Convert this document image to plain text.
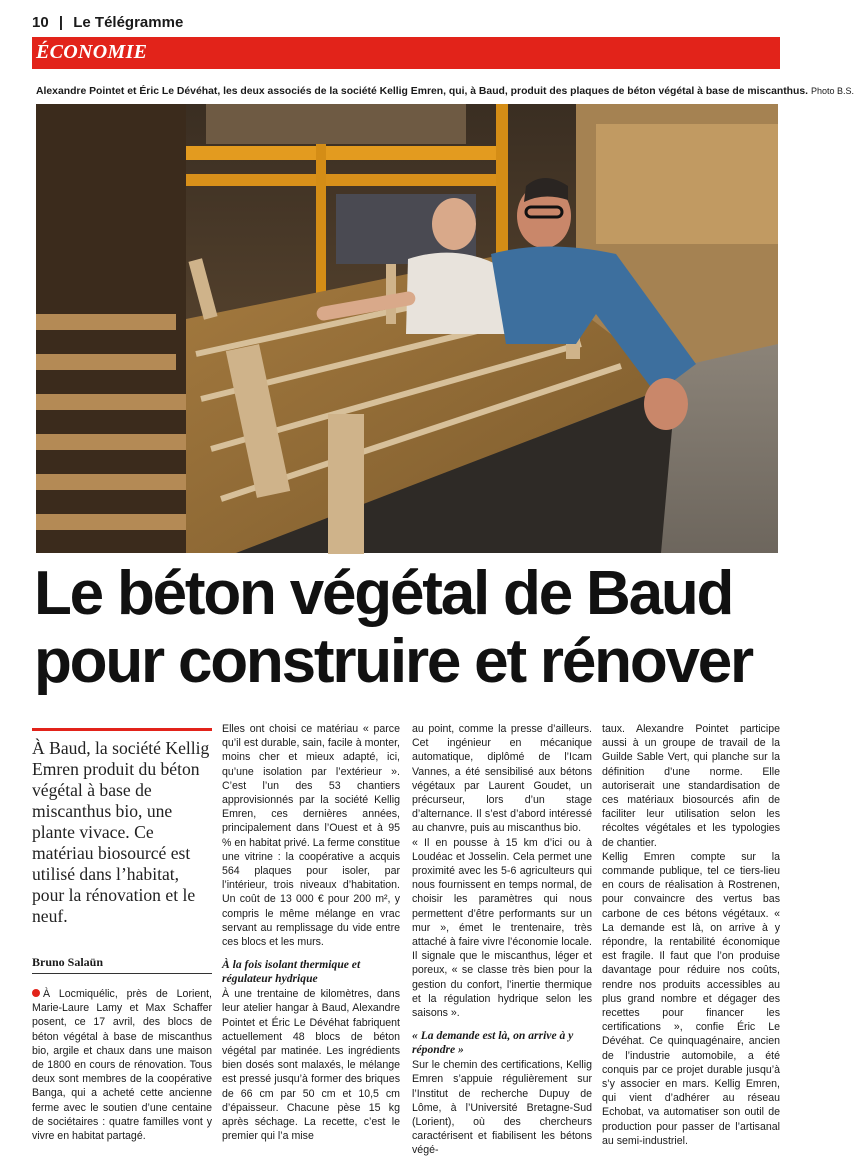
10 | Le Télégramme
ÉCONOMIE
Alexandre Pointet et Éric Le Dévéhat, les deux associés de la société Kellig Emren, qui, à Baud, produit des plaques de béton végétal à base de miscanthus. Photo B.S.
Le béton végétal de Baud
pour construire et rénover
À Baud, la société Kellig Emren produit du béton végétal à base de miscanthus bio, une plante vivace. Ce matériau biosourcé est utilisé dans l’habitat, pour la rénovation et le neuf.
Bruno Salaün

À Locmiquélic, près de Lorient, Marie-Laure Lamy et Max Schaffer posent, ce 17 avril, des blocs de béton végétal à base de miscanthus bio, argile et chaux dans une maison de 1800 en cours de rénovation. Tous deux sont membres de la coopérative Banga, qui a acheté cette ancienne ferme avec le soutien d’une centaine de sociétaires : quatre familles vont y vivre en habitat partagé.

Elles ont choisi ce matériau « parce qu’il est durable, sain, facile à monter, moins cher et mieux adapté, ici, qu’une isolation par l’extérieur ». C’est l’un des 53 chantiers approvisionnés par la société Kellig Emren, ces dernières années, principalement dans l’Ouest et à 95 % en habitat privé. La ferme constitue une vitrine : la coopérative a acquis 564 plaques pour isoler, par l’intérieur, trois niveaux d’habitation. Un coût de 13 000 € pour 200 m², y compris le même mélange en vrac servant au remplissage du vide entre ces blocs et les murs.

À la fois isolant thermique et régulateur hydrique

À une trentaine de kilomètres, dans leur atelier hangar à Baud, Alexandre Pointet et Éric Le Dévéhat fabriquent actuellement 48 blocs de béton végétal par matinée. Les ingrédients bien dosés sont malaxés, le mélange est pressé jusqu’à former des briques de 66 cm par 50 cm et 10,5 cm d’épaisseur. Chacune pèse 15 kg après séchage. La recette, c’est le premier qui l’a mise

au point, comme la presse d’ailleurs. Cet ingénieur en mécanique automatique, diplômé de l’Icam Vannes, a été sensibilisé aux bétons végétaux par Laurent Goudet, un précurseur, lors d’un stage d’alternance. Il s’est d’abord intéressé au chanvre, puis au miscanthus bio.

« Il en pousse à 15 km d’ici ou à Loudéac et Josselin. Cela permet une proximité avec les 5-6 agriculteurs qui nous fournissent en temps normal, de choisir les paramètres qui nous permettent d’être performants sur un mur », émet le trentenaire, très attaché à faire vivre l’économie locale. Il signale que le miscanthus, léger et poreux, « se classe très bien pour la gestion du confort, l’inertie thermique et la régulation hydrique selon les saisons ».

« La demande est là, on arrive à y répondre »

Sur le chemin des certifications, Kellig Emren s’appuie régulièrement sur l’Institut de recherche Dupuy de Lôme, à l’Université Bretagne-Sud (Lorient), où des chercheurs caractérisent et fiabilisent les bétons végé-

taux. Alexandre Pointet participe aussi à un groupe de travail de la Guilde Sable Vert, qui planche sur la définition d’une norme. Elle autoriserait une standardisation de ces matériaux biosourcés afin de faciliter leur utilisation selon les récoltes végétales et les typologies de chantier.

Kellig Emren compte sur la commande publique, tel ce tiers-lieu en cours de réalisation à Rostrenen, pour convaincre des vertus bas carbone de ces bétons végétaux. « La demande est là, on arrive à y répondre, la rentabilité économique est fragile. Il faut que l’on produise davantage pour réduire nos coûts, rendre nos produits accessibles au plus grand nombre et dégager des recettes pour financer les certifications », confie Éric Le Dévéhat. Ce quinquagénaire, ancien de l’industrie automobile, a été conquis par ce projet durable jusqu’à s’y associer en mars. Kellig Emren, qui vient d’adhérer au réseau Echobat, va automatiser son outil de production pour passer de l’artisanal au semi-industriel.
